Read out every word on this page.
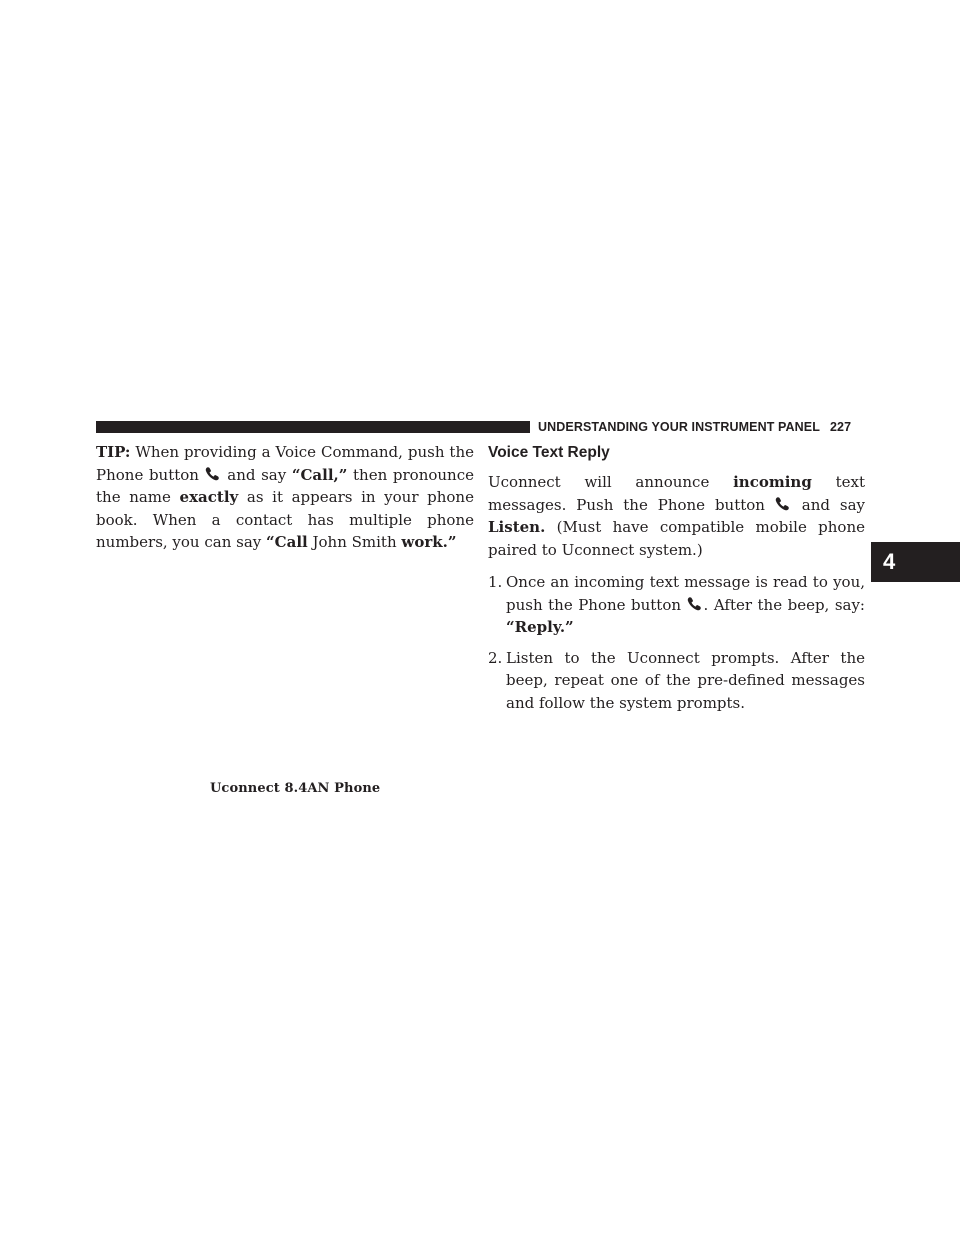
UNDERSTANDING YOUR INSTRUMENT PANEL 227
4

TIP: When providing a Voice Command, push the Phone button and say “Call,” then pronounce the name exactly as it appears in your phone book. When a contact has multiple phone numbers, you can say “Call John Smith work.”

Uconnect 8.4AN Phone
Voice Text Reply

Uconnect will announce incoming text messages. Push the Phone button and say Listen. (Must have compatible mobile phone paired to Uconnect system.)

1. Once an incoming text message is read to you, push the Phone button . After the beep, say: “Reply.”
2. Listen to the Uconnect prompts. After the beep, repeat one of the pre-defined messages and follow the system prompts.
